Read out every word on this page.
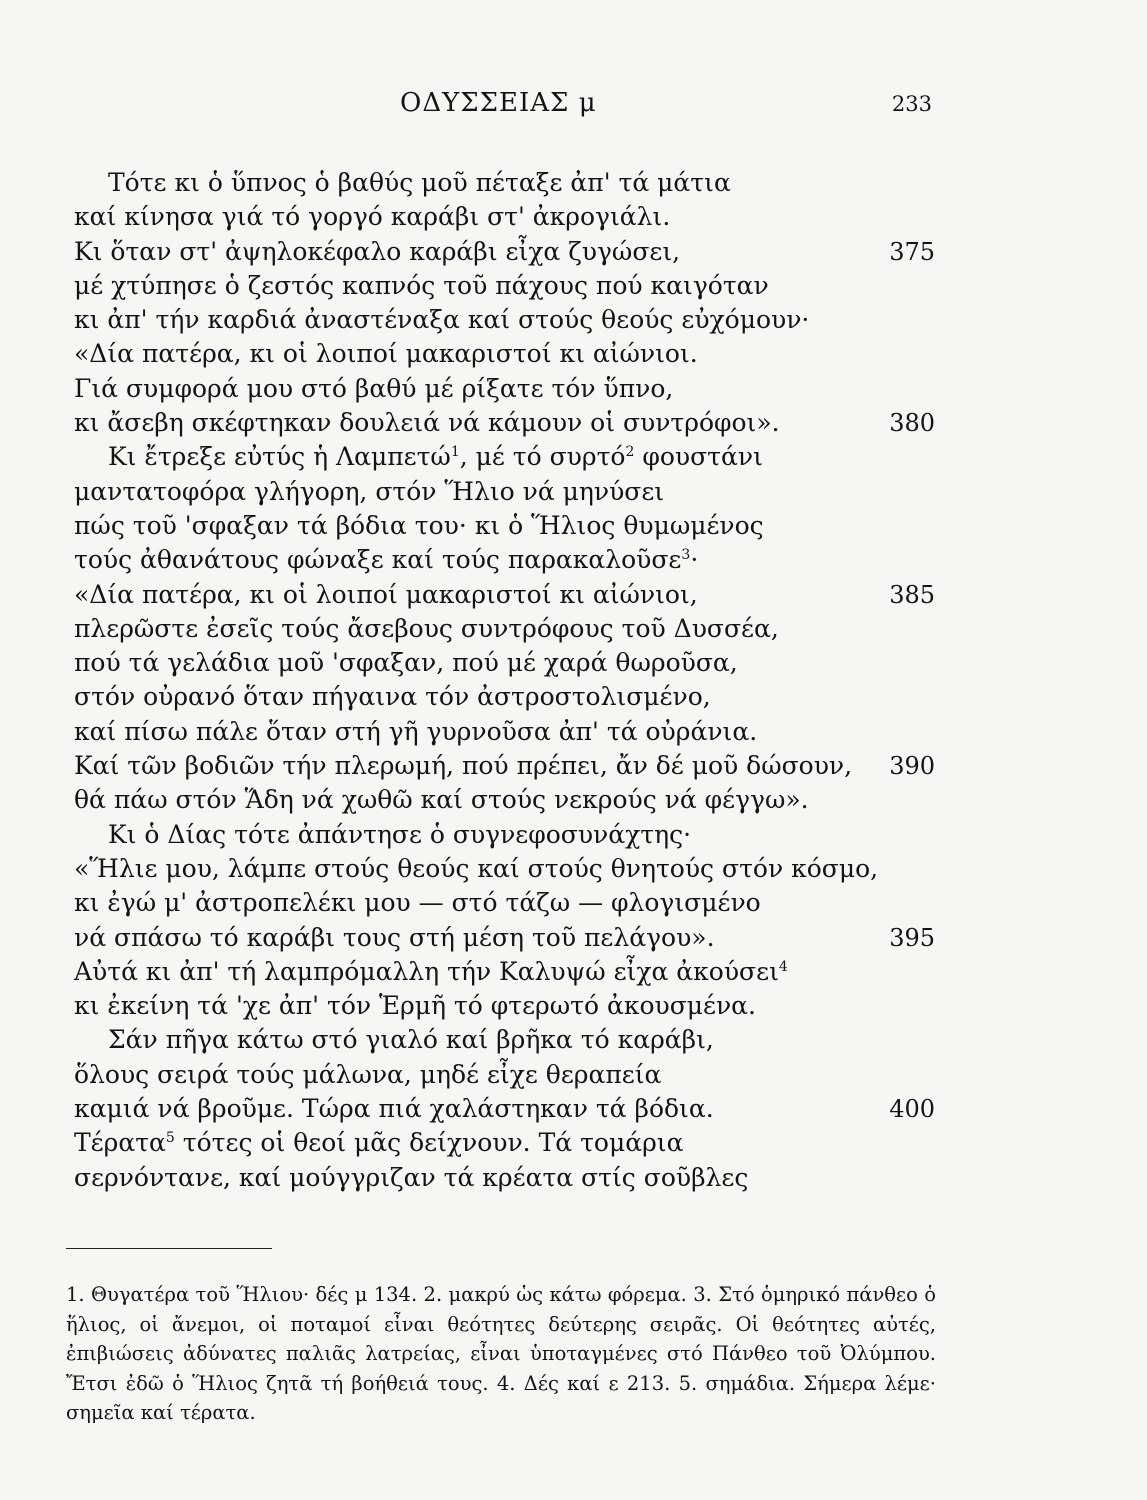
ΟΔΥΣΣΕΙΑΣ μ	233
Τότε κι ὁ ὕπνος ὁ βαθύς μοῦ πέταξε ἀπ' τά μάτια
καί κίνησα γιά τό γοργό καράβι στ' ἀκρογιάλι.
Κι ὅταν στ' ἀψηλοκέφαλο καράβι εἶχα ζυγώσει,	375
μέ χτύπησε ὁ ζεστός καπνός τοῦ πάχους πού καιγόταν
κι ἀπ' τήν καρδιά ἀναστέναξα καί στούς θεούς εὐχόμουν·
«Δία πατέρα, κι οἱ λοιποί μακαριστοί κι αἰώνιοι.
Γιά συμφορά μου στό βαθύ μέ ρίξατε τόν ὕπνο,
κι ἄσεβη σκέφτηκαν δουλειά νά κάμουν οἱ συντρόφοι».	380
Κι ἔτρεξε εὐτύς ἡ Λαμπετώ$^1$, μέ τό συρτό$^2$ φουστάνι
μαντατοφόρα γλήγορη, στόν Ἥλιο νά μηνύσει
πώς τοῦ 'σφαξαν τά βόδια του· κι ὁ Ἥλιος θυμωμένος
τούς ἀθανάτους φώναξε καί τούς παρακαλοῦσε$^3$·
«Δία πατέρα, κι οἱ λοιποί μακαριστοί κι αἰώνιοι,	385
πλερῶστε ἐσεῖς τούς ἄσεβους συντρόφους τοῦ Δυσσέα,
πού τά γελάδια μοῦ 'σφαξαν, πού μέ χαρά θωροῦσα,
στόν οὐρανό ὅταν πήγαινα τόν ἀστροστολισμένο,
καί πίσω πάλε ὅταν στή γῆ γυρνοῦσα ἀπ' τά οὐράνια.
Καί τῶν βοδιῶν τήν πλερωμή, πού πρέπει, ἄν δέ μοῦ δώσουν, 390
θά πάω στόν Ἅδη νά χωθῶ καί στούς νεκρούς νά φέγγω».
Κι ὁ Δίας τότε ἀπάντησε ὁ συγνεφοσυνάχτης·
«Ἥλιε μου, λάμπε στούς θεούς καί στούς θνητούς στόν κόσμο,
κι ἐγώ μ' ἀστροπελέκι μου — στό τάζω — φλογισμένο
νά σπάσω τό καράβι τους στή μέση τοῦ πελάγου».	395
Αὐτά κι ἀπ' τή λαμπρόμαλλη τήν Καλυψώ εἶχα ἀκούσει$^4$
κι ἐκείνη τά 'χε ἀπ' τόν Ἑρμῆ τό φτερωτό ἀκουσμένα.
Σάν πῆγα κάτω στό γιαλό καί βρῆκα τό καράβι,
ὅλους σειρά τούς μάλωνα, μηδέ εἶχε θεραπεία
καμιά νά βροῦμε. Τώρα πιά χαλάστηκαν τά βόδια.	400
Τέρατα$^5$ τότες οἱ θεοί μᾶς δείχνουν. Τά τομάρια
σερνόντανε, καί μούγγριζαν τά κρέατα στίς σοῦβλες

1. Θυγατέρα τοῦ Ἥλιου· δές μ 134. 2. μακρύ ὡς κάτω φόρεμα. 3. Στό ὁμηρικό πάνθεο ὁ ἥλιος, οἱ ἄνεμοι, οἱ ποταμοί εἶναι θεότητες δεύτερης σειρᾶς. Οἱ θεότητες αὐτές, ἐπιβιώσεις ἀδύνατες παλιᾶς λατρείας, εἶναι ὑποταγμένες στό Πάνθεο τοῦ Ὀλύμπου. Ἔτσι ἐδῶ ὁ Ἥλιος ζητᾶ τή βοήθειά τους. 4. Δές καί ε 213. 5. σημάδια. Σήμερα λέμε· σημεῖα καί τέρατα.
